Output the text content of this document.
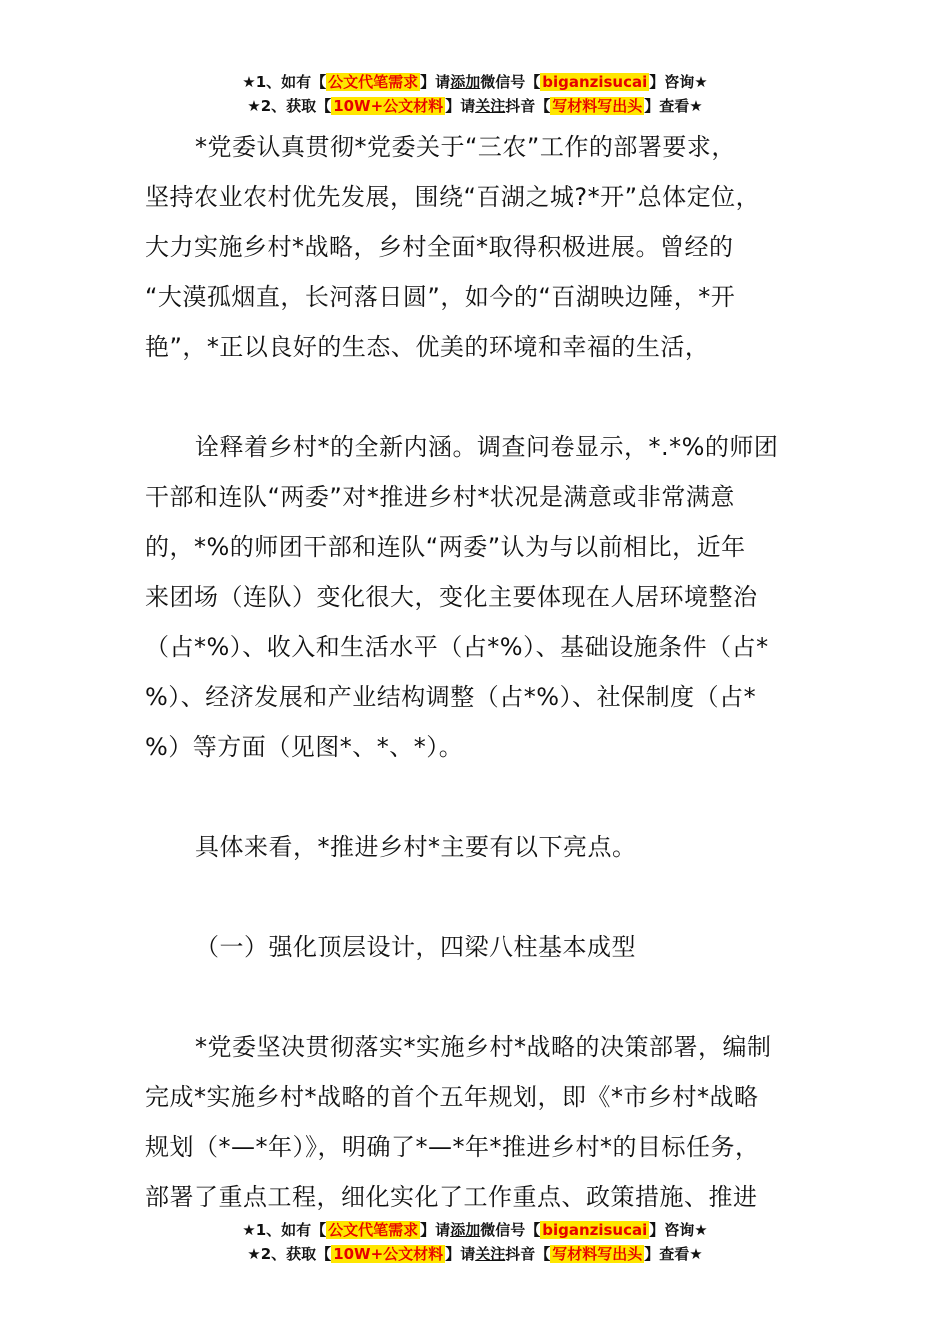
★1、如有【 公文代笔需求 】请添加微信号【 biganzisucai 】咨询★
★2、获取【 10W+公文材料 】请关注抖音【 写材料写出头 】查看★

*党委认真贯彻*党委关于“三农”工作的部署要求，

坚持农业农村优先发展，围绕“百湖之城?*开”总体定位，

大力实施乡村*战略，乡村全面*取得积极进展。曾经的

“大漠孤烟直，长河落日圆”，如今的“百湖映边陲，*开

艳”，*正以良好的生态、优美的环境和幸福的生活，

诠释着乡村*的全新内涵。调查问卷显示，*.*%的师团

干部和连队“两委”对*推进乡村*状况是满意或非常满意

的，*%的师团干部和连队“两委”认为与以前相比，近年

来团场（连队）变化很大，变化主要体现在人居环境整治

（占*%）、收入和生活水平（占*%）、基础设施条件（占*

%）、经济发展和产业结构调整（占*%）、社保制度（占*

%）等方面（见图*、*、*）。

具体来看，*推进乡村*主要有以下亮点。

（一）强化顶层设计，四梁八柱基本成型

*党委坚决贯彻落实*实施乡村*战略的决策部署，编制

完成*实施乡村*战略的首个五年规划，即《*市乡村*战略

规划（*—*年）》，明确了*—*年*推进乡村*的目标任务，

部署了重点工程，细化实化了工作重点、政策措施、推进

★1、如有【 公文代笔需求 】请添加微信号【 biganzisucai 】咨询★
★2、获取【 10W+公文材料 】请关注抖音【 写材料写出头 】查看★
